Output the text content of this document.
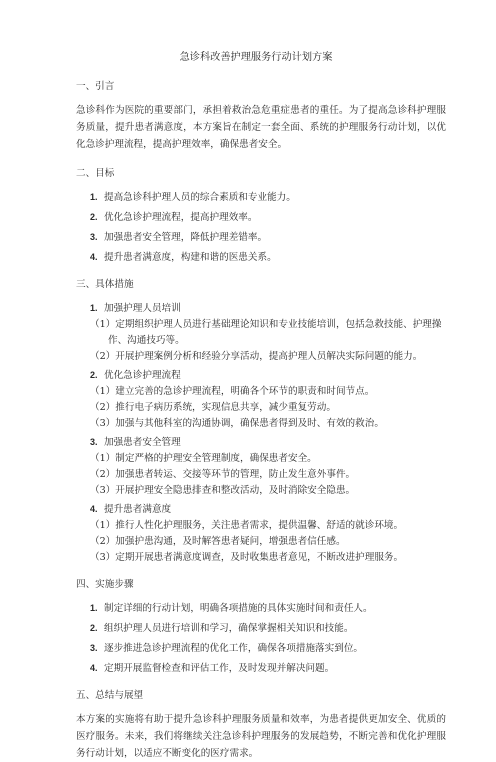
急诊科改善护理服务行动计划方案
一、引言
急诊科作为医院的重要部门，承担着救治急危重症患者的重任。为了提高急诊科护理服务质量，提升患者满意度，本方案旨在制定一套全面、系统的护理服务行动计划，以优化急诊护理流程，提高护理效率，确保患者安全。
二、目标
1. 提高急诊科护理人员的综合素质和专业能力。
2. 优化急诊护理流程，提高护理效率。
3. 加强患者安全管理，降低护理差错率。
4. 提升患者满意度，构建和谐的医患关系。
三、具体措施
1. 加强护理人员培训
（1）定期组织护理人员进行基础理论知识和专业技能培训，包括急救技能、护理操作、沟通技巧等。
（2）开展护理案例分析和经验分享活动，提高护理人员解决实际问题的能力。
2. 优化急诊护理流程
（1）建立完善的急诊护理流程，明确各个环节的职责和时间节点。
（2）推行电子病历系统，实现信息共享，减少重复劳动。
（3）加强与其他科室的沟通协调，确保患者得到及时、有效的救治。
3. 加强患者安全管理
（1）制定严格的护理安全管理制度，确保患者安全。
（2）加强患者转运、交接等环节的管理，防止发生意外事件。
（3）开展护理安全隐患排查和整改活动，及时消除安全隐患。
4. 提升患者满意度
（1）推行人性化护理服务，关注患者需求，提供温馨、舒适的就诊环境。
（2）加强护患沟通，及时解答患者疑问，增强患者信任感。
（3）定期开展患者满意度调查，及时收集患者意见，不断改进护理服务。
四、实施步骤
1. 制定详细的行动计划，明确各项措施的具体实施时间和责任人。
2. 组织护理人员进行培训和学习，确保掌握相关知识和技能。
3. 逐步推进急诊护理流程的优化工作，确保各项措施落实到位。
4. 定期开展监督检查和评估工作，及时发现并解决问题。
五、总结与展望
本方案的实施将有助于提升急诊科护理服务质量和效率，为患者提供更加安全、优质的医疗服务。未来，我们将继续关注急诊科护理服务的发展趋势，不断完善和优化护理服务行动计划，以适应不断变化的医疗需求。
